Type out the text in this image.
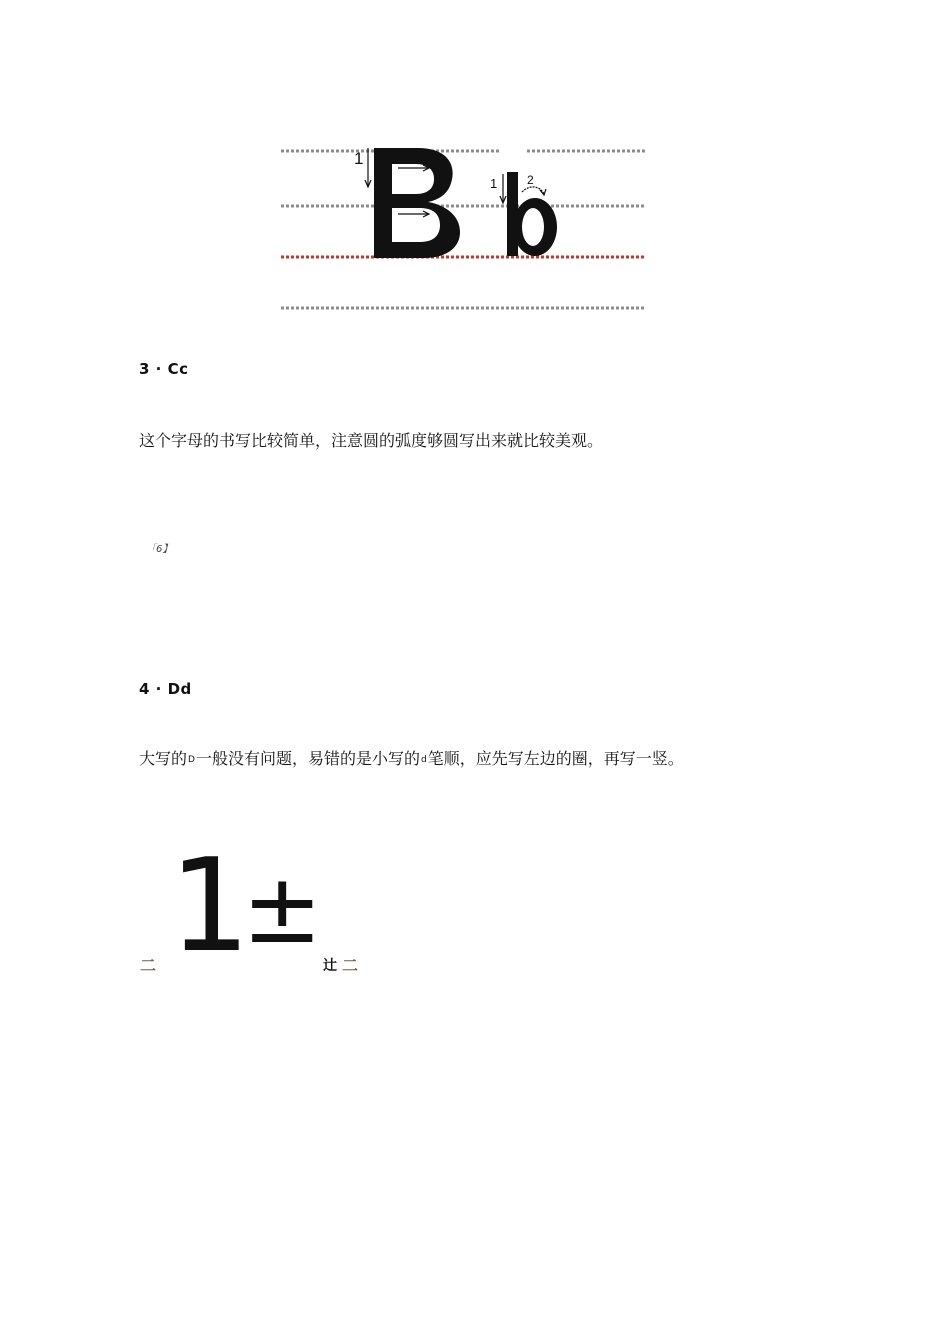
1
2
3
1 2
3 · Cc
这个字母的书写比较简单，注意圆的弧度够圆写出来就比较美观。
「6】
4 · Dd
大写的D一般没有问题，易错的是小写的d笔顺，应先写左边的圈，再写一竖。
二 1
±
辻 二
